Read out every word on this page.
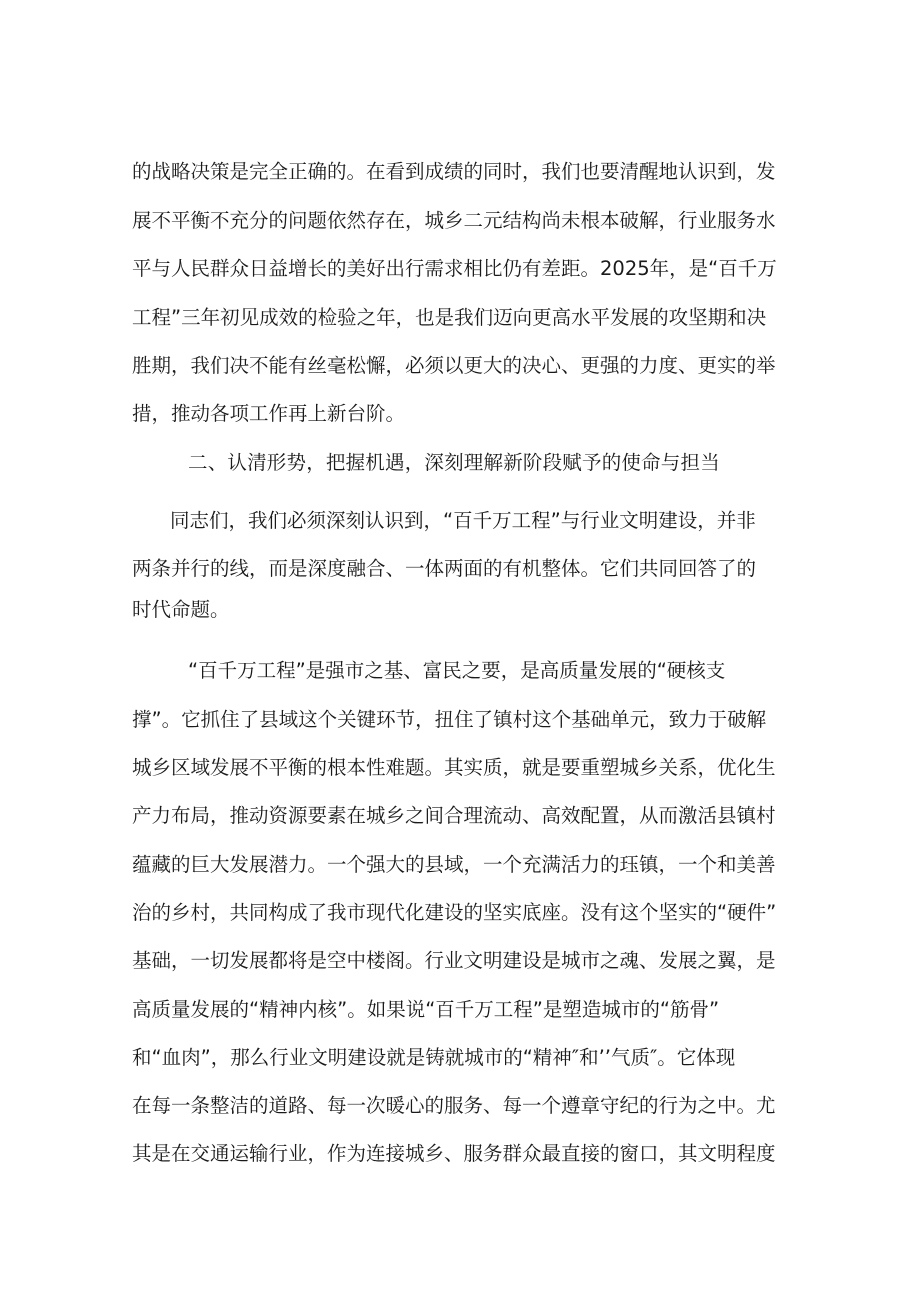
的战略决策是完全正确的。在看到成绩的同时，我们也要清醒地认识到，发
展不平衡不充分的问题依然存在，城乡二元结构尚未根本破解，行业服务水
平与人民群众日益增长的美好出行需求相比仍有差距。2025年，是“百千万
工程”三年初见成效的检验之年，也是我们迈向更高水平发展的攻坚期和决
胜期，我们决不能有丝毫松懈，必须以更大的决心、更强的力度、更实的举
措，推动各项工作再上新台阶。
二、认清形势，把握机遇，深刻理解新阶段赋予的使命与担当
同志们，我们必须深刻认识到，“百千万工程”与行业文明建设，并非
两条并行的线，而是深度融合、一体两面的有机整体。它们共同回答了的
时代命题。
“百千万工程”是强市之基、富民之要，是高质量发展的“硬核支
撑”。它抓住了县域这个关键环节，扭住了镇村这个基础单元，致力于破解
城乡区域发展不平衡的根本性难题。其实质，就是要重塑城乡关系，优化生
产力布局，推动资源要素在城乡之间合理流动、高效配置，从而激活县镇村
蕴藏的巨大发展潜力。一个强大的县域，一个充满活力的珏镇，一个和美善
治的乡村，共同构成了我市现代化建设的坚实底座。没有这个坚实的“硬件”
基础，一切发展都将是空中楼阁。行业文明建设是城市之魂、发展之翼，是
高质量发展的“精神内核”。如果说“百千万工程”是塑造城市的“筋骨”
和“血肉”，那么行业文明建设就是铸就城市的“精神″和’’气质″。它体现
在每一条整洁的道路、每一次暖心的服务、每一个遵章守纪的行为之中。尤
其是在交通运输行业，作为连接城乡、服务群众最直接的窗口，其文明程度
